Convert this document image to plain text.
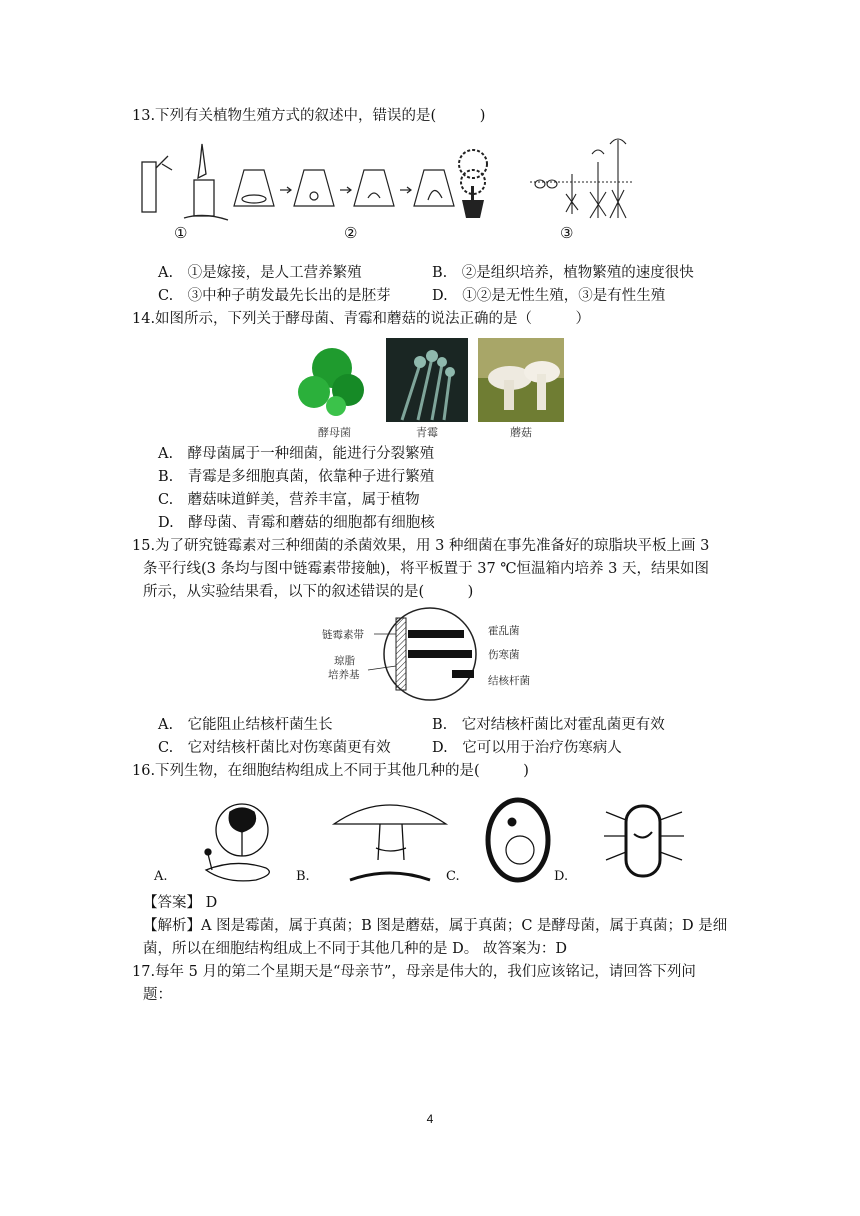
13.下列有关植物生殖方式的叙述中，错误的是(　　　)
①	②	③
A.　①是嫁接，是人工营养繁殖	B.　②是组织培养，植物繁殖的速度很快
C.　③中种子萌发最先长出的是胚芽	D.　①②是无性生殖，③是有性生殖
14.如图所示，下列关于酵母菌、青霉和蘑菇的说法正确的是（　　　）
酵母菌	青霉	蘑菇
A.　酵母菌属于一种细菌，能进行分裂繁殖
B.　青霉是多细胞真菌，依靠种子进行繁殖
C.　蘑菇味道鲜美，营养丰富，属于植物
D.　酵母菌、青霉和蘑菇的细胞都有细胞核
15.为了研究链霉素对三种细菌的杀菌效果，用 3 种细菌在事先准备好的琼脂块平板上画 3
条平行线(3 条均与图中链霉素带接触)，将平板置于 37 ℃恒温箱内培养 3 天，结果如图
所示，从实验结果看，以下的叙述错误的是(　　　)
链霉素带
琼脂
培养基
霍乱菌
伤寒菌
结核杆菌
A.　它能阻止结核杆菌生长	B.　它对结核杆菌比对霍乱菌更有效
C.　它对结核杆菌比对伤寒菌更有效	D.　它可以用于治疗伤寒病人
16.下列生物，在细胞结构组成上不同于其他几种的是(　　　)
A.	B.	C.	D.
【答案】 D
【解析】A 图是霉菌，属于真菌；B 图是蘑菇，属于真菌；C 是酵母菌，属于真菌；D 是细
菌，所以在细胞结构组成上不同于其他几种的是 D。 故答案为：D
17.每年 5 月的第二个星期天是“母亲节”，母亲是伟大的，我们应该铭记，请回答下列问
题：
4
